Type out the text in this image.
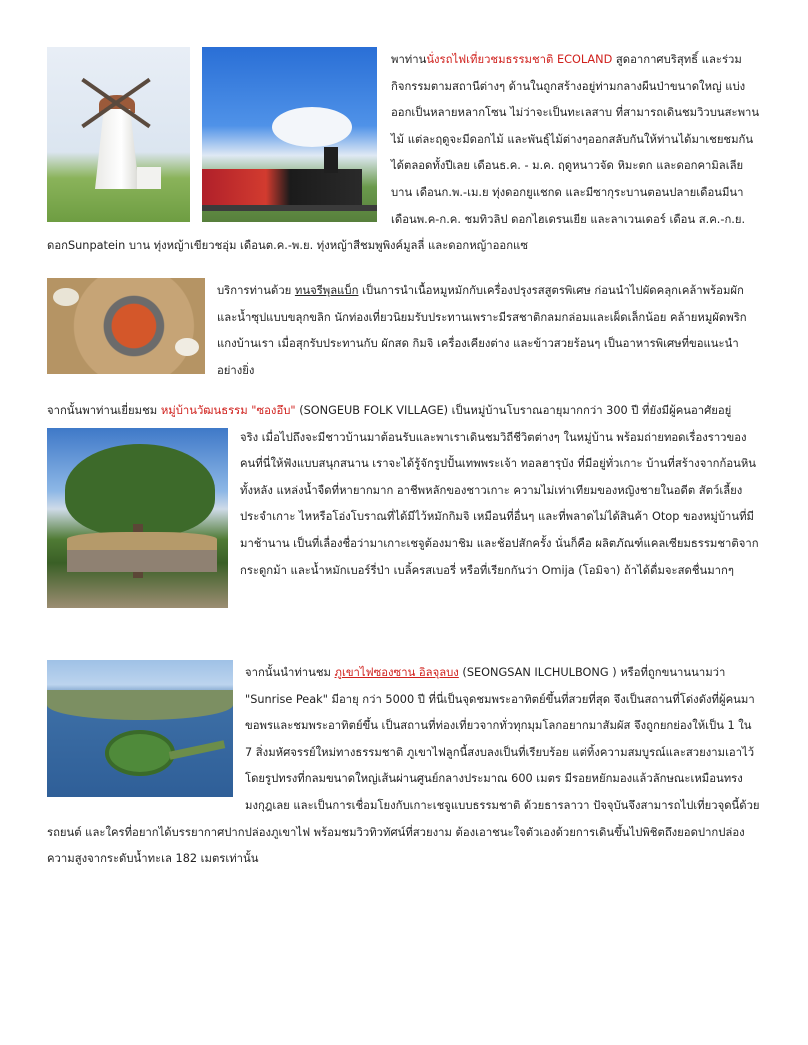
พาท่านนั่งรถไฟเที่ยวชมธรรมชาติ ECOLAND สูดอากาศบริสุทธิ์ และร่วมกิจกรรมตามสถานีต่างๆ ด้านในถูกสร้างอยู่ท่ามกลางผืนป่าขนาดใหญ่ แบ่งออกเป็นหลายหลากโซน ไม่ว่าจะเป็นทะเลสาบ ที่สามารถเดินชมวิวบนสะพานไม้ แต่ละฤดูจะมีดอกไม้ และพันธุ์ไม้ต่างๆออกสลับกันให้ท่านได้มาเชยชมกันได้ตลอดทั้งปีเลย เดือนธ.ค. - ม.ค. ฤดูหนาวจัด หิมะตก และดอกคามิลเลียบาน เดือนก.พ.-เม.ย ทุ่งดอกยูแชกด และมีซากุระบานตอนปลายเดือนมีนา เดือนพ.ค-ก.ค. ชมทิวลิป ดอกไฮเดรนเยีย และลาเวนเดอร์ เดือน ส.ค.-ก.ย. ดอกSunpatein บาน ทุ่งหญ้าเขียวชอุ่ม เดือนต.ค.-พ.ย. ทุ่งหญ้าสีชมพูพิงค์มูลลี่ และดอกหญ้าออกแซ

บริการท่านด้วย ทนจรีพุลแบ็ก เป็นการนำเนื้อหมูหมักกับเครื่องปรุงรสสูตรพิเศษ ก่อนนำไปผัดคลุกเคล้าพร้อมผักและน้ำซุปแบบขลุกขลิก นักท่องเที่ยวนิยมรับประทานเพราะมีรสชาติกลมกล่อมและเผ็ดเล็กน้อย คล้ายหมูผัดพริกแกงบ้านเรา เมื่อสุกรับประทานกับ ผักสด กิมจิ เครื่องเคียงต่าง และข้าวสวยร้อนๆ เป็นอาหารพิเศษที่ขอแนะนำอย่างยิ่ง

จากนั้นพาท่านเยี่ยมชม หมู่บ้านวัฒนธรรม "ซองอึบ" (SONGEUB FOLK VILLAGE) เป็นหมู่บ้านโบราณอายุมากกว่า 300 ปี ที่ยังมีผู้คนอาศัยอยู่

จริง เมื่อไปถึงจะมีชาวบ้านมาต้อนรับและพาเราเดินชมวิถีชีวิตต่างๆ ในหมู่บ้าน พร้อมถ่ายทอดเรื่องราวของคนที่นี่ให้ฟังแบบสนุกสนาน เราจะได้รู้จักรูปปั้นเทพพระเจ้า ทอลฮารุบัง ที่มีอยู่ทั่วเกาะ บ้านที่สร้างจากก้อนหินทั้งหลัง แหล่งน้ำจืดที่หายากมาก อาชีพหลักของชาวเกาะ ความไม่เท่าเทียมของหญิงชายในอดีต สัตว์เลี้ยงประจำเกาะ ไหหรือโอ่งโบราณที่ได้มีไว้หมักกิมจิ เหมือนที่อื่นๆ และที่พลาดไม่ได้สินค้า Otop ของหมู่บ้านที่มีมาช้านาน เป็นที่เลื่องชื่อว่ามาเกาะเชจูต้องมาชิม และช้อปสักครั้ง นั่นก็คือ ผลิตภัณฑ์แคลเซียมธรรมชาติจากกระดูกม้า และน้ำหมักเบอร์รี่ป่า เบลิ้ครสเบอรี่ หรือที่เรียกกันว่า Omija (โอมิจา) ถ้าได้ดื่มจะสดชื่นมากๆ

จากนั้นนำท่านชม ภูเขาไฟซองซาน อิลจุลบง (SEONGSAN ILCHULBONG ) หรือที่ถูกขนานนามว่า "Sunrise Peak" มีอายุ กว่า 5000 ปี ที่นี่เป็นจุดชมพระอาทิตย์ขึ้นที่สวยที่สุด จึงเป็นสถานที่โด่งดังที่ผู้คนมาขอพรและชมพระอาทิตย์ขึ้น เป็นสถานที่ท่องเที่ยวจากทั่วทุกมุมโลกอยากมาสัมผัส จึงถูกยกย่องให้เป็น 1 ใน 7 สิ่งมหัศจรรย์ใหม่ทางธรรมชาติ ภูเขาไฟลูกนี้สงบลงเป็นที่เรียบร้อย แต่ทิ้งความสมบูรณ์และสวยงามเอาไว้ โดยรูปทรงที่กลมขนาดใหญ่เส้นผ่านศูนย์กลางประมาณ 600 เมตร มีรอยหยักมองแล้วลักษณะเหมือนทรงมงกุฎเลย และเป็นการเชื่อมโยงกับเกาะเชจูแบบธรรมชาติ ด้วยธารลาวา ปัจจุบันจึงสามารถไปเที่ยวจุดนี้ด้วยรถยนต์ และใครที่อยากได้บรรยากาศปากปล่องภูเขาไฟ พร้อมชมวิวทิวทัศน์ที่สวยงาม ต้องเอาชนะใจตัวเองด้วยการเดินขึ้นไปพิชิตถึงยอดปากปล่อง ความสูงจากระดับน้ำทะเล 182 เมตรเท่านั้น
